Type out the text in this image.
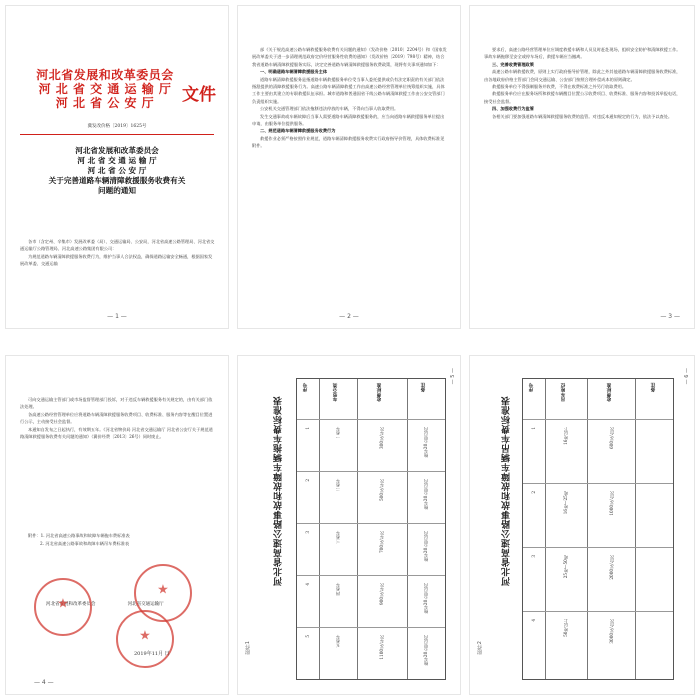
河北省发展和改革委员会
河 北 省 交 通 运 输 厅
河 北 省 公 安 厅	文件
冀发改价格〔2019〕1625号
河北省发展和改革委员会
河 北 省 交 通 运 输 厅
河 北 省 公 安 厅
关于完善道路车辆清障救援服务收费有关
问题的通知

各市（含定州、辛集市）发展改革委（局）、交通运输局、公安局，河北省高速公路管理局、河北省交通运输厅公路管理局、河北高速公路集团有限公司：

为规范道路车辆清障救援服务收费行为，维护当事人合法权益，确保道路运输安全畅通，根据国家发展改革委、交通运输

— 1 —

部《关于规范高速公路车辆救援服务收费有关问题的通知》（发改价格〔2010〕2204号）和《国家发展改革委关于进一步清理规范政府定价经营服务性收费的通知》（发改价格〔2019〕798号）精神，结合我省道路车辆清障救援服务实际，决定完善道路车辆清障救援服务收费政策，现将有关事项通知如下：

一、明确道路车辆清障救援服务主体

道路车辆清障救援服务是指道路车辆救援服务单位受当事人委托提供或负有法定职责的有关部门依法指派提供的清障救援服务行为。高速公路车辆清障救援工作由高速公路经营管理单位统筹组织实施，具体工作主要由其建立的专职救援队伍承担。城市道路和普通国省干线公路车辆清障救援工作由公安交管部门负责组织实施。

公安机关交通管理部门依法拖移违法停放的车辆，不得向当事人收取费用。

发生交通事故或车辆故障后当事人需要道路车辆清障救援服务的，应当向道路车辆救援服务单位提出申请，由服务单位提供服务。

二、规范道路车辆清障救援服务收费行为

救援作业必须严格按照作业规范，道路车辆清障救援服务收费实行政府指导价管理，具体收费标准见附件。

— 2 —

要求后，高速公路经营管理单位应调度救援车辆和人员及时赶赴现场，组织安全防护和清障救援工作。事故车辆拖移至安全或停车场后，救援车辆应当撤离。

三、完善收费管理政策

高速公路车辆救援收费，原则上实行政府指导价管理，除此之外其他道路车辆清障救援服务收费标准，由各地政府价格主管部门会同交通运输、公安部门按照合理补偿成本的原则确定。

救援服务单位不得强制服务并收费，不得在收费标准之外另行收取费用。

救援服务单位应在服务场所和救援车辆醒目位置公示收费项目、收费标准、服务内容和投诉举报电话，接受社会监督。

四、加强收费行为监管

各相关部门要加强道路车辆清障救援服务收费的监管。对违反本通知规定的行为，依法予以查处。

— 3 —

可向交通运输主管部门或市场监督管理部门投诉，对于违反车辆救援服务有关规定的，由有关部门依法处理。

各高速公路经营管理单位应将道路车辆清障救援服务收费项目、收费标准、服务内容等在醒目位置进行公示，主动接受社会监督。

本通知自发布之日起执行，有效期五年。《河北省物价局 河北省交通运输厅 河北省公安厅关于规范道路清障救援服务收费有关问题的通知》（冀价经费〔2013〕26号）同时废止。

附件：1. 河北省高速公路事故和故障车辆拖车费标准表
2. 河北省高速公路事故和故障车辆吊车费标准表
河北省发展和改革委员会	河北省交通运输厅
★
★
★
2019年11月 日
— 4 —
附件1
河北省高速公路事故和故障车辆拖车费标准表
序号	车型分类	收费标准	备注
1	一类车	300元/车次	拖车20公里以内
2	二类车	500元/车次	拖车20公里以内
3	三类车	700元/车次	拖车20公里以内
4	四类车	900元/车次	拖车20公里以内
5	五类车	1100元/车次	拖车20公里以内
— 5 —
附件2
河北省高速公路事故和故障车辆吊车费标准表
序号	吊车吨位	收费标准	备注
1	16吨以下	600元/台次
2	16吨—25吨	1000元/台次
3	25吨—50吨	2000元/台次
4	50吨以上	3000元/台次
— 6 —
